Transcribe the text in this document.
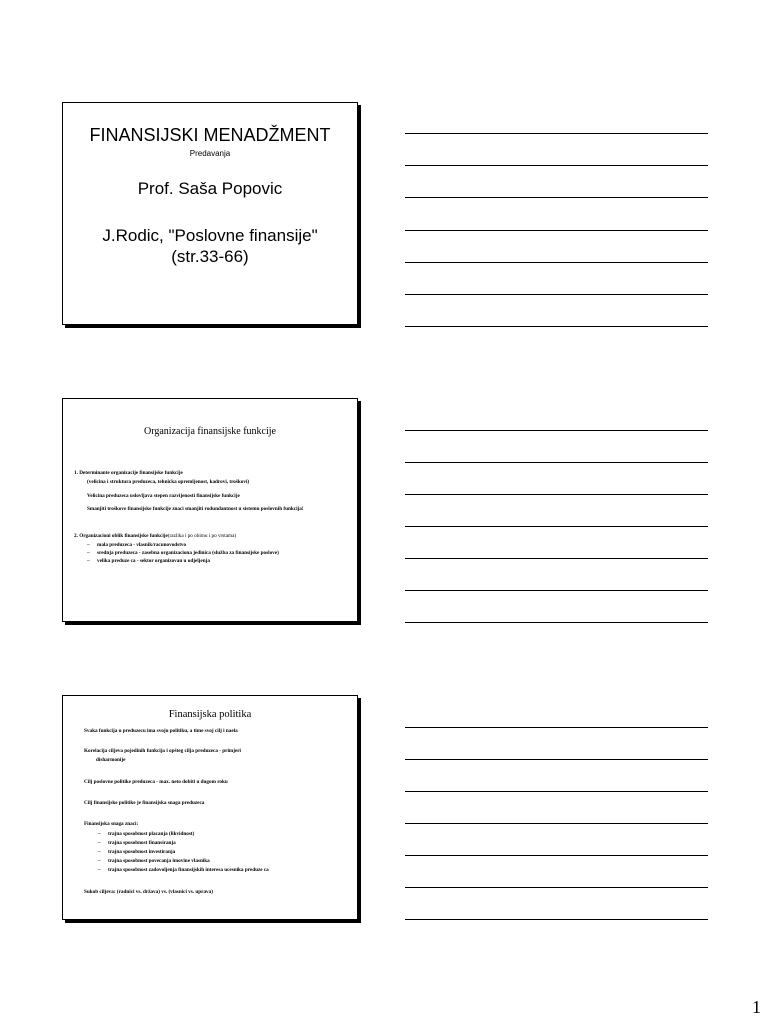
FINANSIJSKI MENADŽMENT
Predavanja
Prof. Saša Popovic
J.Rodic, "Poslovne finansije"
(str.33-66)
Organizacija finansijske funkcije
1. Determinante organizacije finansijske funkcije
(velicina i struktura preduzeca, tehnicka opremljenost, kadrovi, troškovi)
Velicina preduzeca uslovljava stepen razvijenosti finansijske funkcije
Smanjiti troškove finansijske funkcije znaci smanjiti rodundantnost u sistemu poslovnih funkcija!
2. Organizacioni oblik finansijske funkcije(razlika i po obimu i po vrstama)
– mala preduzeca - vlasnik/racunovodstvo
– srednja preduzeca - zasebna organizaciona jedinica (služba za finansijske poslove)
– velika preduze ca - sektor organizovan u odjeljenja
Finansijska politika
Svaka funkcija u preduzecu ima svoju politiku, a time svoj cilj i naela
Korelacija ciljeva pojedinih funkcija i opšteg cilja preduzeca - primjeri
disharmonije
Cilj poslovne politike preduzeca - max. neto dobiti u dugom roku
Cilj finansijske politike je finansijska snaga preduzeca
Finansijska snaga znaci:
– trajna sposobnost placanja (likvidnost)
– trajna sposobnost finansiranja
– trajna sposobnost investiranja
– trajna sposobnost povecanja imovine vlasnika
– trajna sposobnost zadovoljenja finansijskih interesa ucesnika preduze ca
Sukob ciljeva: (radnici vs. država) vs. (vlasnici vs. uprava)
1
